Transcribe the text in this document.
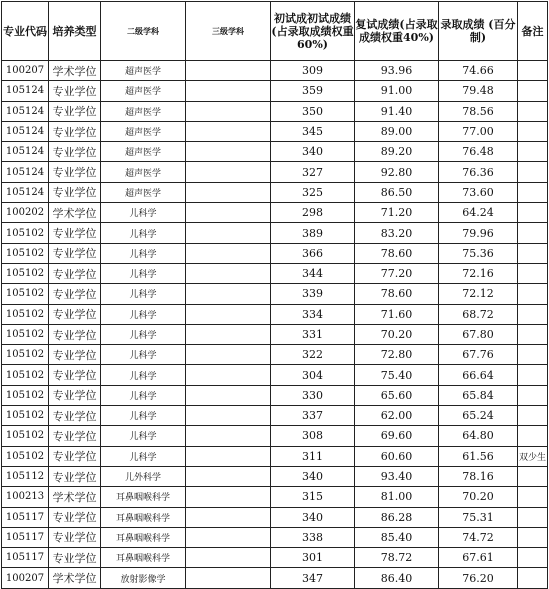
专业代码	培养类型	二级学科	三级学科	初试成初试成绩(占录取成绩权重60%)	复试成绩(占录取成绩权重40%)	录取成绩 (百分制)	备注
100207	学术学位	超声医学		309	93.96	74.66	
105124	专业学位	超声医学		359	91.00	79.48	
105124	专业学位	超声医学		350	91.40	78.56	
105124	专业学位	超声医学		345	89.00	77.00	
105124	专业学位	超声医学		340	89.20	76.48	
105124	专业学位	超声医学		327	92.80	76.36	
105124	专业学位	超声医学		325	86.50	73.60	
100202	学术学位	儿科学		298	71.20	64.24	
105102	专业学位	儿科学		389	83.20	79.96	
105102	专业学位	儿科学		366	78.60	75.36	
105102	专业学位	儿科学		344	77.20	72.16	
105102	专业学位	儿科学		339	78.60	72.12	
105102	专业学位	儿科学		334	71.60	68.72	
105102	专业学位	儿科学		331	70.20	67.80	
105102	专业学位	儿科学		322	72.80	67.76	
105102	专业学位	儿科学		304	75.40	66.64	
105102	专业学位	儿科学		330	65.60	65.84	
105102	专业学位	儿科学		337	62.00	65.24	
105102	专业学位	儿科学		308	69.60	64.80	
105102	专业学位	儿科学		311	60.60	61.56	双少生
105112	专业学位	儿外科学		340	93.40	78.16	
100213	学术学位	耳鼻咽喉科学		315	81.00	70.20	
105117	专业学位	耳鼻咽喉科学		340	86.28	75.31	
105117	专业学位	耳鼻咽喉科学		338	85.40	74.72	
105117	专业学位	耳鼻咽喉科学		301	78.72	67.61	
100207	学术学位	放射影像学		347	86.40	76.20	
